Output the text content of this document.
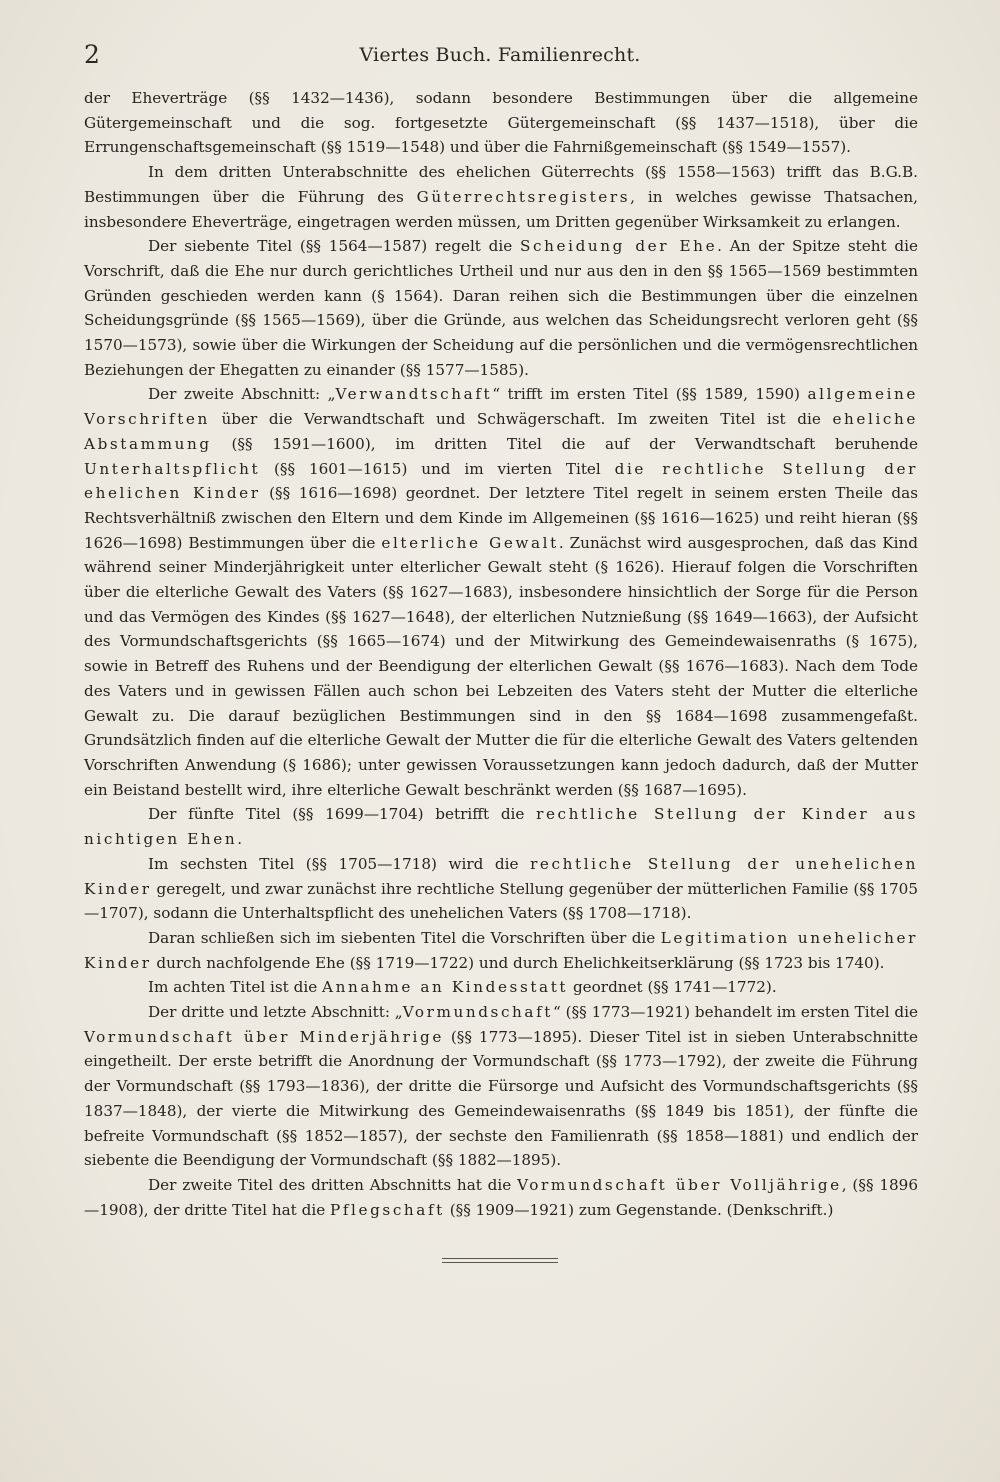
2	Viertes Buch. Familienrecht.

der Eheverträge (§§ 1432—1436), sodann besondere Bestimmungen über die allgemeine Gütergemeinschaft und die sog. fortgesetzte Gütergemeinschaft (§§ 1437—1518), über die Errungenschaftsgemeinschaft (§§ 1519—1548) und über die Fahrnißgemeinschaft (§§ 1549—1557).

In dem dritten Unterabschnitte des ehelichen Güterrechts (§§ 1558—1563) trifft das B.G.B. Bestimmungen über die Führung des Güterrechtsregisters, in welches gewisse Thatsachen, insbesondere Eheverträge, eingetragen werden müssen, um Dritten gegenüber Wirksamkeit zu erlangen.

Der siebente Titel (§§ 1564—1587) regelt die Scheidung der Ehe. An der Spitze steht die Vorschrift, daß die Ehe nur durch gerichtliches Urtheil und nur aus den in den §§ 1565—1569 bestimmten Gründen geschieden werden kann (§ 1564). Daran reihen sich die Bestimmungen über die einzelnen Scheidungsgründe (§§ 1565—1569), über die Gründe, aus welchen das Scheidungsrecht verloren geht (§§ 1570—1573), sowie über die Wirkungen der Scheidung auf die persönlichen und die vermögensrechtlichen Beziehungen der Ehegatten zu einander (§§ 1577—1585).

Der zweite Abschnitt: „Verwandtschaft“ trifft im ersten Titel (§§ 1589, 1590) allgemeine Vorschriften über die Verwandtschaft und Schwägerschaft. Im zweiten Titel ist die eheliche Abstammung (§§ 1591—1600), im dritten Titel die auf der Verwandtschaft beruhende Unterhaltspflicht (§§ 1601—1615) und im vierten Titel die rechtliche Stellung der ehelichen Kinder (§§ 1616—1698) geordnet. Der letztere Titel regelt in seinem ersten Theile das Rechtsverhältniß zwischen den Eltern und dem Kinde im Allgemeinen (§§ 1616—1625) und reiht hieran (§§ 1626—1698) Bestimmungen über die elterliche Gewalt. Zunächst wird ausgesprochen, daß das Kind während seiner Minderjährigkeit unter elterlicher Gewalt steht (§ 1626). Hierauf folgen die Vorschriften über die elterliche Gewalt des Vaters (§§ 1627—1683), insbesondere hinsichtlich der Sorge für die Person und das Vermögen des Kindes (§§ 1627—1648), der elterlichen Nutznießung (§§ 1649—1663), der Aufsicht des Vormundschaftsgerichts (§§ 1665—1674) und der Mitwirkung des Gemeindewaisenraths (§ 1675), sowie in Betreff des Ruhens und der Beendigung der elterlichen Gewalt (§§ 1676—1683). Nach dem Tode des Vaters und in gewissen Fällen auch schon bei Lebzeiten des Vaters steht der Mutter die elterliche Gewalt zu. Die darauf bezüglichen Bestimmungen sind in den §§ 1684—1698 zusammengefaßt. Grundsätzlich finden auf die elterliche Gewalt der Mutter die für die elterliche Gewalt des Vaters geltenden Vorschriften Anwendung (§ 1686); unter gewissen Voraussetzungen kann jedoch dadurch, daß der Mutter ein Beistand bestellt wird, ihre elterliche Gewalt beschränkt werden (§§ 1687—1695).

Der fünfte Titel (§§ 1699—1704) betrifft die rechtliche Stellung der Kinder aus nichtigen Ehen.

Im sechsten Titel (§§ 1705—1718) wird die rechtliche Stellung der unehelichen Kinder geregelt, und zwar zunächst ihre rechtliche Stellung gegenüber der mütterlichen Familie (§§ 1705—1707), sodann die Unterhaltspflicht des unehelichen Vaters (§§ 1708—1718).

Daran schließen sich im siebenten Titel die Vorschriften über die Legitimation unehelicher Kinder durch nachfolgende Ehe (§§ 1719—1722) und durch Ehelichkeitserklärung (§§ 1723 bis 1740).

Im achten Titel ist die Annahme an Kindesstatt geordnet (§§ 1741—1772).

Der dritte und letzte Abschnitt: „Vormundschaft“ (§§ 1773—1921) behandelt im ersten Titel die Vormundschaft über Minderjährige (§§ 1773—1895). Dieser Titel ist in sieben Unterabschnitte eingetheilt. Der erste betrifft die Anordnung der Vormundschaft (§§ 1773—1792), der zweite die Führung der Vormundschaft (§§ 1793—1836), der dritte die Fürsorge und Aufsicht des Vormundschaftsgerichts (§§ 1837—1848), der vierte die Mitwirkung des Gemeindewaisenraths (§§ 1849 bis 1851), der fünfte die befreite Vormundschaft (§§ 1852—1857), der sechste den Familienrath (§§ 1858—1881) und endlich der siebente die Beendigung der Vormundschaft (§§ 1882—1895).

Der zweite Titel des dritten Abschnitts hat die Vormundschaft über Volljährige, (§§ 1896—1908), der dritte Titel hat die Pflegschaft (§§ 1909—1921) zum Gegenstande. (Denkschrift.)
